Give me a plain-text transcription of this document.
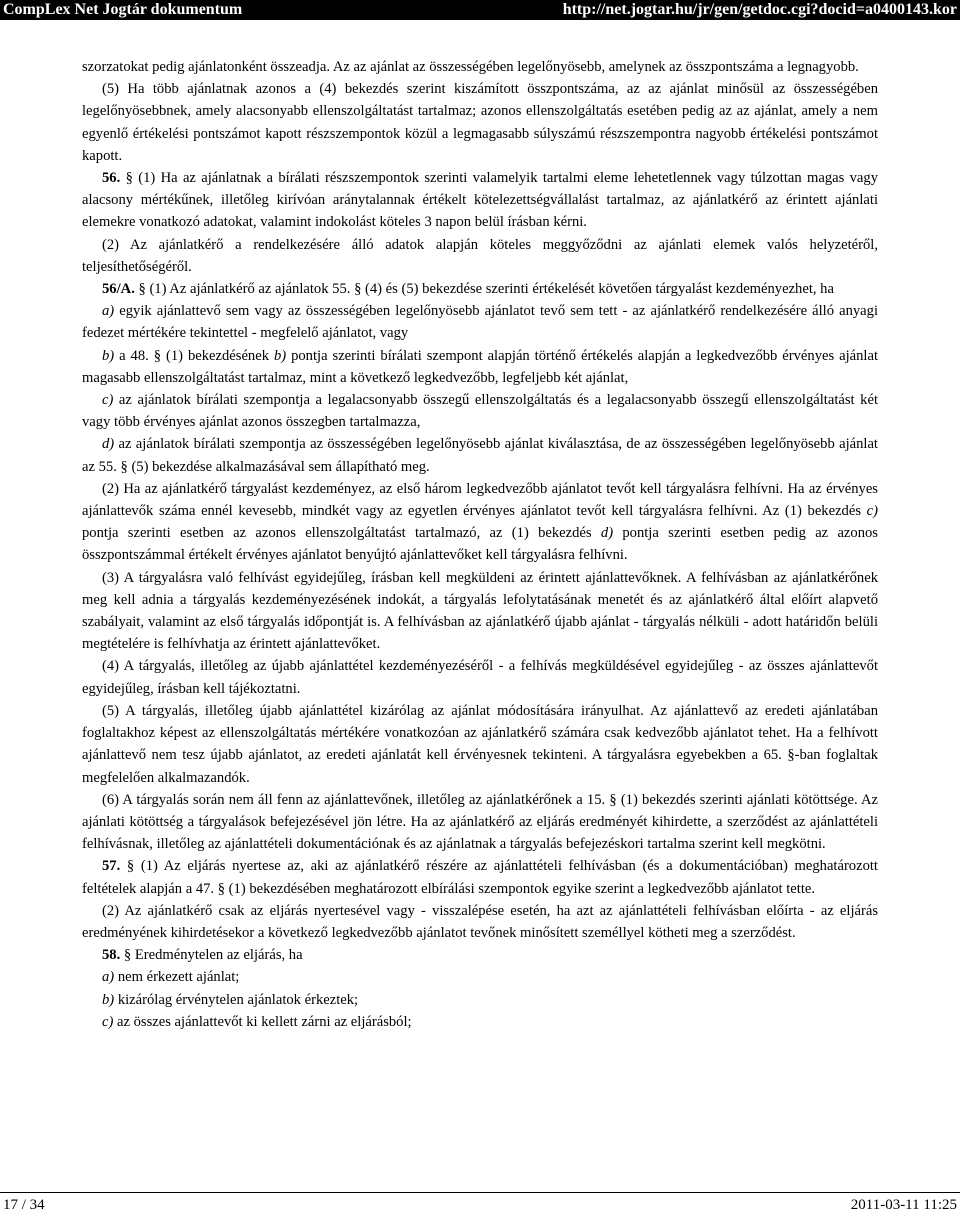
CompLex Net Jogtár dokumentum	http://net.jogtar.hu/jr/gen/getdoc.cgi?docid=a0400143.kor

szorzatokat pedig ajánlatonként összeadja. Az az ajánlat az összességében legelőnyösebb, amelynek az összpontszáma a legnagyobb.

(5) Ha több ajánlatnak azonos a (4) bekezdés szerint kiszámított összpontszáma, az az ajánlat minősül az összességében legelőnyösebbnek, amely alacsonyabb ellenszolgáltatást tartalmaz; azonos ellenszolgáltatás esetében pedig az az ajánlat, amely a nem egyenlő értékelési pontszámot kapott részszempontok közül a legmagasabb súlyszámú részszempontra nagyobb értékelési pontszámot kapott.

56. § (1) Ha az ajánlatnak a bírálati részszempontok szerinti valamelyik tartalmi eleme lehetetlennek vagy túlzottan magas vagy alacsony mértékűnek, illetőleg kirívóan aránytalannak értékelt kötelezettségvállalást tartalmaz, az ajánlatkérő az érintett ajánlati elemekre vonatkozó adatokat, valamint indokolást köteles 3 napon belül írásban kérni.

(2) Az ajánlatkérő a rendelkezésére álló adatok alapján köteles meggyőződni az ajánlati elemek valós helyzetéről, teljesíthetőségéről.

56/A. § (1) Az ajánlatkérő az ajánlatok 55. § (4) és (5) bekezdése szerinti értékelését követően tárgyalást kezdeményezhet, ha

a) egyik ajánlattevő sem vagy az összességében legelőnyösebb ajánlatot tevő sem tett - az ajánlatkérő rendelkezésére álló anyagi fedezet mértékére tekintettel - megfelelő ajánlatot, vagy

b) a 48. § (1) bekezdésének b) pontja szerinti bírálati szempont alapján történő értékelés alapján a legkedvezőbb érvényes ajánlat magasabb ellenszolgáltatást tartalmaz, mint a következő legkedvezőbb, legfeljebb két ajánlat,

c) az ajánlatok bírálati szempontja a legalacsonyabb összegű ellenszolgáltatás és a legalacsonyabb összegű ellenszolgáltatást két vagy több érvényes ajánlat azonos összegben tartalmazza,

d) az ajánlatok bírálati szempontja az összességében legelőnyösebb ajánlat kiválasztása, de az összességében legelőnyösebb ajánlat az 55. § (5) bekezdése alkalmazásával sem állapítható meg.

(2) Ha az ajánlatkérő tárgyalást kezdeményez, az első három legkedvezőbb ajánlatot tevőt kell tárgyalásra felhívni. Ha az érvényes ajánlattevők száma ennél kevesebb, mindkét vagy az egyetlen érvényes ajánlatot tevőt kell tárgyalásra felhívni. Az (1) bekezdés c) pontja szerinti esetben az azonos ellenszolgáltatást tartalmazó, az (1) bekezdés d) pontja szerinti esetben pedig az azonos összpontszámmal értékelt érvényes ajánlatot benyújtó ajánlattevőket kell tárgyalásra felhívni.

(3) A tárgyalásra való felhívást egyidejűleg, írásban kell megküldeni az érintett ajánlattevőknek. A felhívásban az ajánlatkérőnek meg kell adnia a tárgyalás kezdeményezésének indokát, a tárgyalás lefolytatásának menetét és az ajánlatkérő által előírt alapvető szabályait, valamint az első tárgyalás időpontját is. A felhívásban az ajánlatkérő újabb ajánlat - tárgyalás nélküli - adott határidőn belüli megtételére is felhívhatja az érintett ajánlattevőket.

(4) A tárgyalás, illetőleg az újabb ajánlattétel kezdeményezéséről - a felhívás megküldésével egyidejűleg - az összes ajánlattevőt egyidejűleg, írásban kell tájékoztatni.

(5) A tárgyalás, illetőleg újabb ajánlattétel kizárólag az ajánlat módosítására irányulhat. Az ajánlattevő az eredeti ajánlatában foglaltakhoz képest az ellenszolgáltatás mértékére vonatkozóan az ajánlatkérő számára csak kedvezőbb ajánlatot tehet. Ha a felhívott ajánlattevő nem tesz újabb ajánlatot, az eredeti ajánlatát kell érvényesnek tekinteni. A tárgyalásra egyebekben a 65. §-ban foglaltak megfelelően alkalmazandók.

(6) A tárgyalás során nem áll fenn az ajánlattevőnek, illetőleg az ajánlatkérőnek a 15. § (1) bekezdés szerinti ajánlati kötöttsége. Az ajánlati kötöttség a tárgyalások befejezésével jön létre. Ha az ajánlatkérő az eljárás eredményét kihirdette, a szerződést az ajánlattételi felhívásnak, illetőleg az ajánlattételi dokumentációnak és az ajánlatnak a tárgyalás befejezéskori tartalma szerint kell megkötni.

57. § (1) Az eljárás nyertese az, aki az ajánlatkérő részére az ajánlattételi felhívásban (és a dokumentációban) meghatározott feltételek alapján a 47. § (1) bekezdésében meghatározott elbírálási szempontok egyike szerint a legkedvezőbb ajánlatot tette.

(2) Az ajánlatkérő csak az eljárás nyertesével vagy - visszalépése esetén, ha azt az ajánlattételi felhívásban előírta - az eljárás eredményének kihirdetésekor a következő legkedvezőbb ajánlatot tevőnek minősített személlyel kötheti meg a szerződést.

58. § Eredménytelen az eljárás, ha

a) nem érkezett ajánlat;

b) kizárólag érvénytelen ajánlatok érkeztek;

c) az összes ajánlattevőt ki kellett zárni az eljárásból;

17 / 34	2011-03-11 11:25
